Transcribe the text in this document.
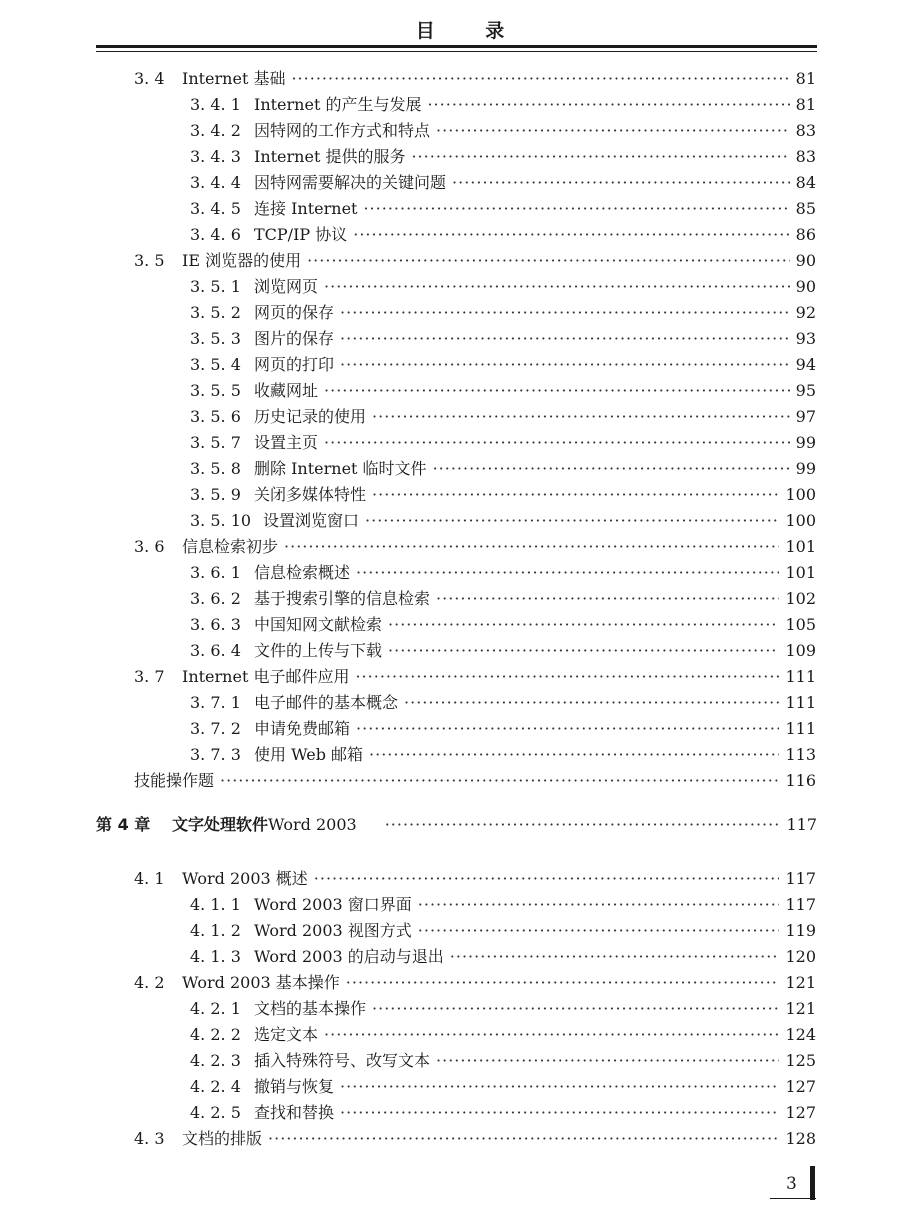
目 录
3. 4	Internet 基础 ·····	81
3. 4. 1 Internet 的产生与发展 ·····	81
3. 4. 2 因特网的工作方式和特点 ·····	83
3. 4. 3 Internet 提供的服务 ·····	83
3. 4. 4 因特网需要解决的关键问题 ·····	84
3. 4. 5 连接 Internet ·····	85
3. 4. 6 TCP/IP 协议 ·····	86
3. 5	IE 浏览器的使用 ·····	90
3. 5. 1 浏览网页 ·····	90
3. 5. 2 网页的保存 ·····	92
3. 5. 3 图片的保存 ·····	93
3. 5. 4 网页的打印 ·····	94
3. 5. 5 收藏网址 ·····	95
3. 5. 6 历史记录的使用 ·····	97
3. 5. 7 设置主页 ·····	99
3. 5. 8 删除 Internet 临时文件 ·····	99
3. 5. 9 关闭多媒体特性 ·····	100
3. 5. 10 设置浏览窗口 ·····	100
3. 6	信息检索初步 ·····	101
3. 6. 1 信息检索概述 ·····	101
3. 6. 2 基于搜索引擎的信息检索 ·····	102
3. 6. 3 中国知网文献检索 ·····	105
3. 6. 4 文件的上传与下载 ·····	109
3. 7	Internet 电子邮件应用 ·····	111
3. 7. 1 电子邮件的基本概念 ·····	111
3. 7. 2 申请免费邮箱 ·····	111
3. 7. 3 使用 Web 邮箱 ·····	113
技能操作题 ·····	116
第 4 章	文字处理软件 Word 2003 ·····	117
4. 1	Word 2003 概述 ·····	117
4. 1. 1 Word 2003 窗口界面 ·····	117
4. 1. 2 Word 2003 视图方式 ·····	119
4. 1. 3 Word 2003 的启动与退出 ·····	120
4. 2	Word 2003 基本操作 ·····	121
4. 2. 1 文档的基本操作 ·····	121
4. 2. 2 选定文本 ·····	124
4. 2. 3 插入特殊符号、改写文本 ·····	125
4. 2. 4 撤销与恢复 ·····	127
4. 2. 5 查找和替换 ·····	127
4. 3	文档的排版 ·····	128
3
